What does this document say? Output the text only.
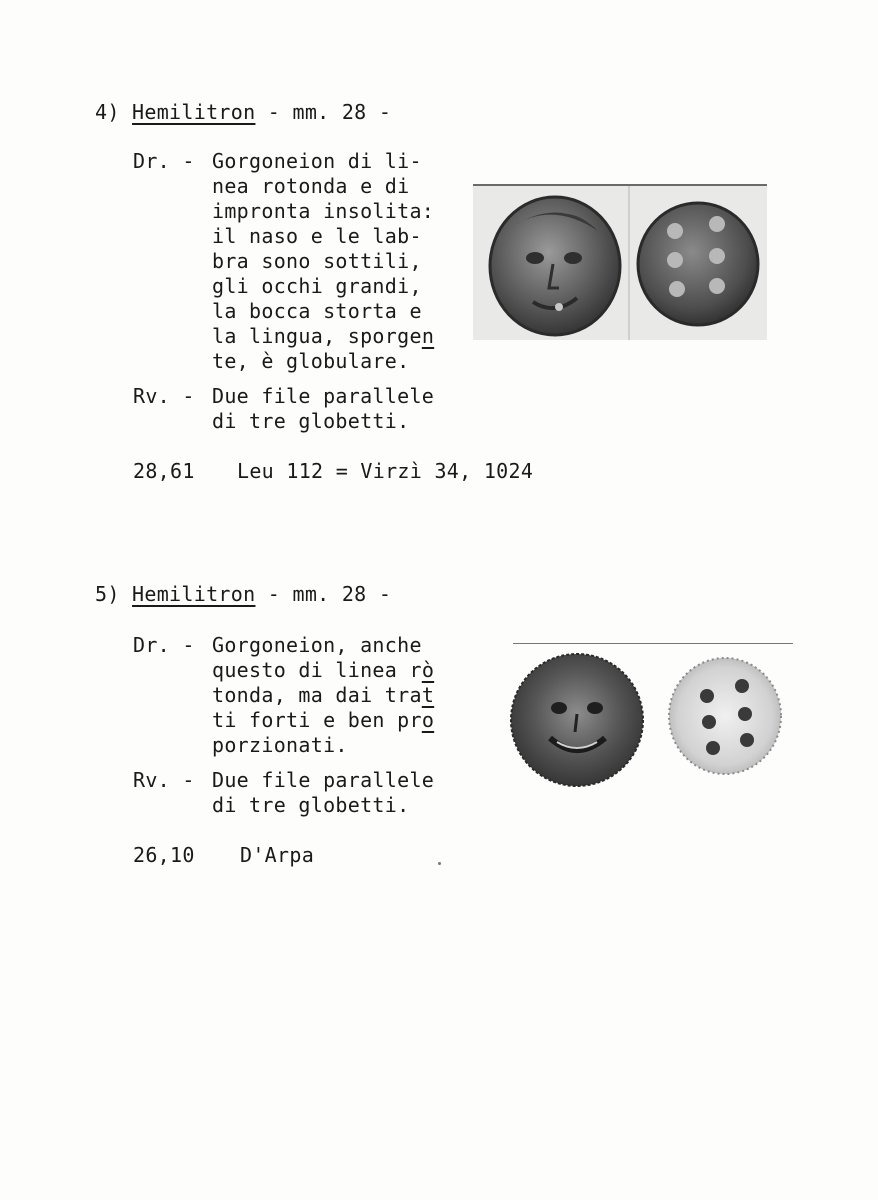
4) Hemilitron - mm. 28 -
Dr. - Gorgoneion di li-
nea rotonda e di
impronta insolita:
il naso e le lab-
bra sono sottili,
gli occhi grandi,
la bocca storta e
la lingua, sporgen
te, è globulare.
Rv. - Due file parallele
di tre globetti.
28,61 Leu 112 = Virzì 34, 1024
5) Hemilitron - mm. 28 -
Dr. - Gorgoneion, anche
questo di linea rò
tonda, ma dai trat
ti forti e ben pro
porzionati.
Rv. - Due file parallele
di tre globetti.
26,10 D'Arpa
